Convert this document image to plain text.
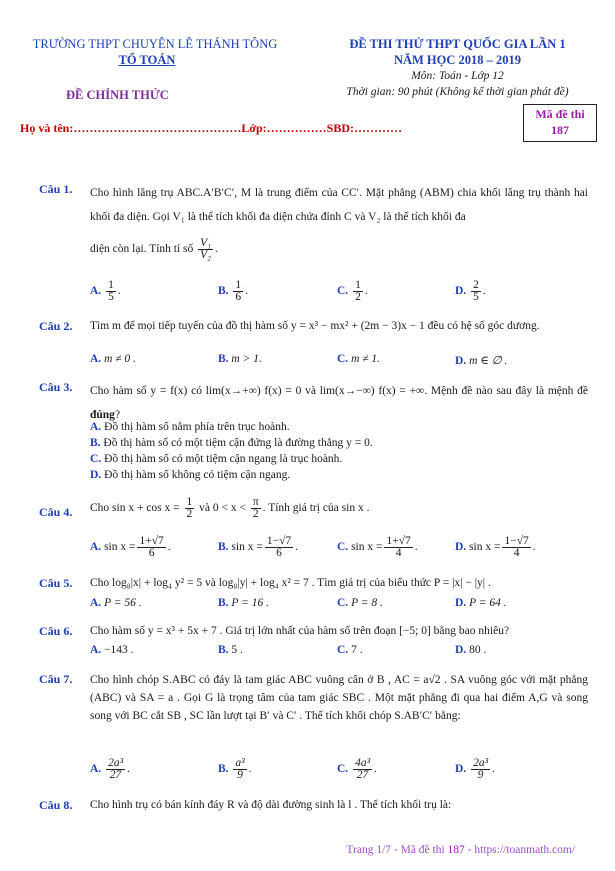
TRƯỜNG THPT CHUYÊN LÊ THÁNH TÔNG
TỔ TOÁN
ĐỀ CHÍNH THỨC
ĐỀ THI THỬ THPT QUỐC GIA LẦN 1
NĂM HỌC 2018 – 2019
Môn: Toán - Lớp 12
Thời gian: 90 phút (Không kể thời gian phát đề)
Họ và tên:……………………………………Lớp:……………SBD:…………
Mã đề thi
187
Câu 1. Cho hình lăng trụ ABC.A′B′C′, M là trung điểm của CC′. Mặt phẳng (ABM) chia khối lăng trụ thành hai khối đa diện. Gọi V₁ là thể tích khối đa diện chứa đỉnh C và V₂ là thể tích khối đa
diện còn lại. Tính tỉ số $\frac{\text{V₁}}{\text{V₂}}$ .
A. $\frac{1}{5}$ .	B. $\frac{1}{6}$ .	C. $\frac{1}{2}$ .	D. $\frac{2}{5}$ .
Câu 2. Tìm m để mọi tiếp tuyến của đồ thị hàm số y = x³ − mx² + (2m − 3)x − 1 đều có hệ số góc dương.
A. m ≠ 0 .	B. m > 1.	C. m ≠ 1.	D. m ∈ ∅ .
Câu 3. Cho hàm số y = f(x) có lim(x→+∞) f(x) = 0 và lim(x→−∞) f(x) = +∞. Mệnh đề nào sau đây là mệnh đề đúng?
A. Đồ thị hàm số nằm phía trên trục hoành.
B. Đồ thị hàm số có một tiệm cận đứng là đường thẳng y = 0.
C. Đồ thị hàm số có một tiệm cận ngang là trục hoành.
D. Đồ thị hàm số không có tiệm cận ngang.
Câu 4. Cho $\sin x + \cos x = \frac{1}{2}$ và $0 < x < \frac{\pi}{2}$ . Tính giá trị của sin x .
A. $\sin x = \frac{1+√7}{6}$ .	B. $\sin x = \frac{1-√7}{6}$ .	C. $\sin x = \frac{1+√7}{4}$ .	D. $\sin x = \frac{1-√7}{4}$ .
Câu 5. Cho log₈|x| + log₄ y² = 5 và log₈|y| + log₄ x² = 7 . Tìm giá trị của biểu thức P = |x| − |y| .
A. P = 56 .	B. P = 16 .	C. P = 8 .	D. P = 64 .
Câu 6. Cho hàm số y = x³ + 5x + 7 . Giá trị lớn nhất của hàm số trên đoạn [−5; 0] bằng bao nhiêu?
A. −143 .	B. 5 .	C. 7 .	D. 80 .
Câu 7. Cho hình chóp S.ABC có đáy là tam giác ABC vuông cân ở B , AC = a√2 . SA vuông góc với mặt phẳng (ABC) và SA = a . Gọi G là trọng tâm của tam giác SBC . Một mặt phẳng đi qua hai điểm A,G và song song với BC cắt SB , SC lần lượt tại B′ và C′ . Thể tích khối chóp S.AB′C′ bằng:
A. $\frac{\text{2a³}}{27}$ .	B. $\frac{\text{a³}}{9}$ .	C. $\frac{\text{4a³}}{27}$ .	D. $\frac{\text{2a³}}{9}$ .
Câu 8. Cho hình trụ có bán kính đáy R và độ dài đường sinh là l . Thể tích khối trụ là:
Trang 1/7 - Mã đề thi 187 - https://toanmath.com/
